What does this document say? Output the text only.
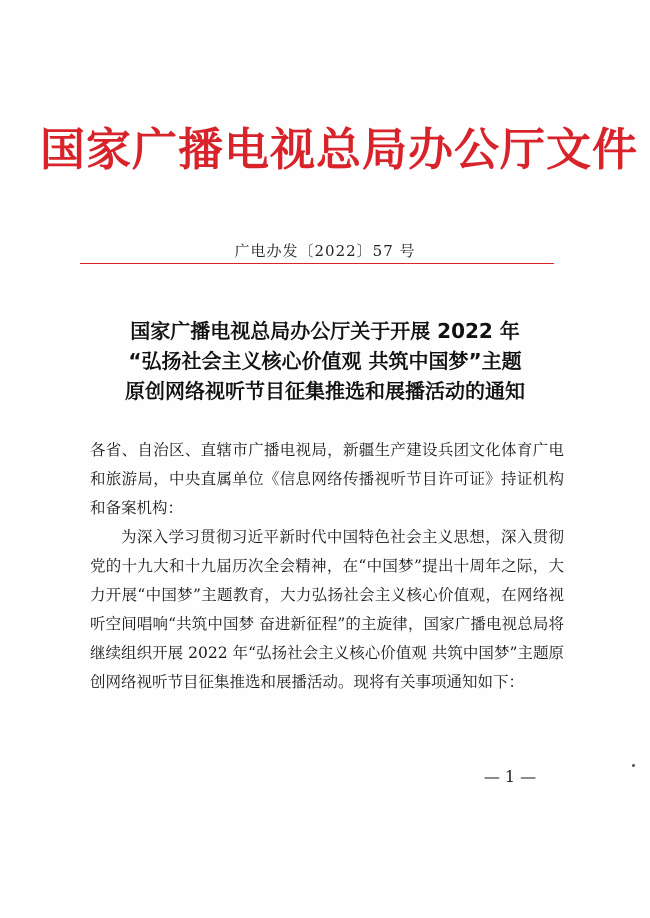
国家广播电视总局办公厅文件
广电办发〔2022〕57 号
国家广播电视总局办公厅关于开展 2022 年
“弘扬社会主义核心价值观 共筑中国梦”主题
原创网络视听节目征集推选和展播活动的通知
各省、自治区、直辖市广播电视局，新疆生产建设兵团文化体育广电和旅游局，中央直属单位《信息网络传播视听节目许可证》持证机构和备案机构：
为深入学习贯彻习近平新时代中国特色社会主义思想，深入贯彻党的十九大和十九届历次全会精神，在“中国梦”提出十周年之际，大力开展“中国梦”主题教育，大力弘扬社会主义核心价值观，在网络视听空间唱响“共筑中国梦 奋进新征程”的主旋律，国家广播电视总局将继续组织开展 2022 年“弘扬社会主义核心价值观 共筑中国梦”主题原创网络视听节目征集推选和展播活动。现将有关事项通知如下：
— 1 —
